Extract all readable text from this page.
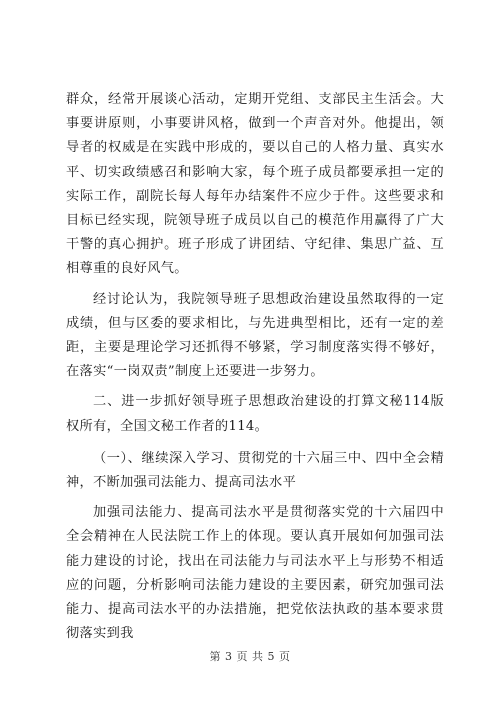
群众，经常开展谈心活动，定期开党组、支部民主生活会。大事要讲原则，小事要讲风格，做到一个声音对外。他提出，领导者的权威是在实践中形成的，要以自己的人格力量、真实水平、切实政绩感召和影响大家，每个班子成员都要承担一定的实际工作，副院长每人每年办结案件不应少于件。这些要求和目标已经实现，院领导班子成员以自己的模范作用赢得了广大干警的真心拥护。班子形成了讲团结、守纪律、集思广益、互相尊重的良好风气。

经讨论认为，我院领导班子思想政治建设虽然取得的一定成绩，但与区委的要求相比，与先进典型相比，还有一定的差距，主要是理论学习还抓得不够紧，学习制度落实得不够好，在落实“一岗双责”制度上还要进一步努力。

二、进一步抓好领导班子思想政治建设的打算文秘114版权所有，全国文秘工作者的114。

（一）、继续深入学习、贯彻党的十六届三中、四中全会精神，不断加强司法能力、提高司法水平

加强司法能力、提高司法水平是贯彻落实党的十六届四中全会精神在人民法院工作上的体现。要认真开展如何加强司法能力建设的讨论，找出在司法能力与司法水平上与形势不相适应的问题，分析影响司法能力建设的主要因素，研究加强司法能力、提高司法水平的办法措施，把党依法执政的基本要求贯彻落实到我

第 3 页 共 5 页
